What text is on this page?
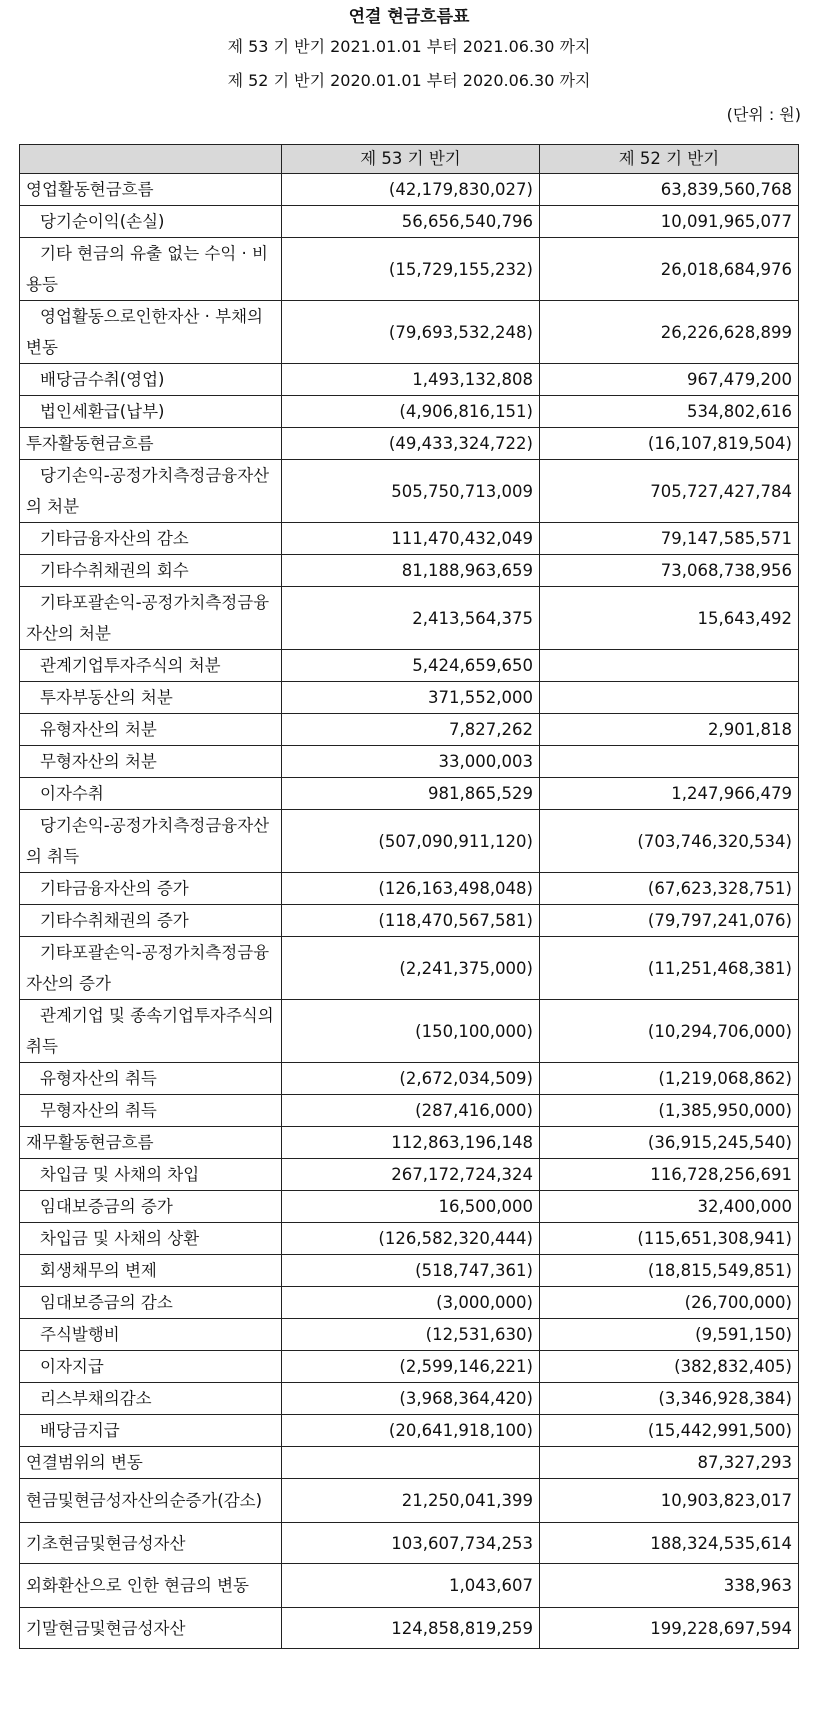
연결 현금흐름표
제 53 기 반기 2021.01.01 부터 2021.06.30 까지
제 52 기 반기 2020.01.01 부터 2020.06.30 까지
(단위 : 원)
	제 53 기 반기	제 52 기 반기
영업활동현금흐름	(42,179,830,027)	63,839,560,768
당기순이익(손실)	56,656,540,796	10,091,965,077
기타 현금의 유출 없는 수익 · 비용등	(15,729,155,232)	26,018,684,976
영업활동으로인한자산 · 부채의변동	(79,693,532,248)	26,226,628,899
배당금수취(영업)	1,493,132,808	967,479,200
법인세환급(납부)	(4,906,816,151)	534,802,616
투자활동현금흐름	(49,433,324,722)	(16,107,819,504)
당기손익-공정가치측정금융자산의 처분	505,750,713,009	705,727,427,784
기타금융자산의 감소	111,470,432,049	79,147,585,571
기타수취채권의 회수	81,188,963,659	73,068,738,956
기타포괄손익-공정가치측정금융자산의 처분	2,413,564,375	15,643,492
관계기업투자주식의 처분	5,424,659,650	
투자부동산의 처분	371,552,000	
유형자산의 처분	7,827,262	2,901,818
무형자산의 처분	33,000,003	
이자수취	981,865,529	1,247,966,479
당기손익-공정가치측정금융자산의 취득	(507,090,911,120)	(703,746,320,534)
기타금융자산의 증가	(126,163,498,048)	(67,623,328,751)
기타수취채권의 증가	(118,470,567,581)	(79,797,241,076)
기타포괄손익-공정가치측정금융자산의 증가	(2,241,375,000)	(11,251,468,381)
관계기업 및 종속기업투자주식의 취득	(150,100,000)	(10,294,706,000)
유형자산의 취득	(2,672,034,509)	(1,219,068,862)
무형자산의 취득	(287,416,000)	(1,385,950,000)
재무활동현금흐름	112,863,196,148	(36,915,245,540)
차입금 및 사채의 차입	267,172,724,324	116,728,256,691
임대보증금의 증가	16,500,000	32,400,000
차입금 및 사채의 상환	(126,582,320,444)	(115,651,308,941)
회생채무의 변제	(518,747,361)	(18,815,549,851)
임대보증금의 감소	(3,000,000)	(26,700,000)
주식발행비	(12,531,630)	(9,591,150)
이자지급	(2,599,146,221)	(382,832,405)
리스부채의감소	(3,968,364,420)	(3,346,928,384)
배당금지급	(20,641,918,100)	(15,442,991,500)
연결범위의 변동		87,327,293
현금및현금성자산의순증가(감소)	21,250,041,399	10,903,823,017
기초현금및현금성자산	103,607,734,253	188,324,535,614
외화환산으로 인한 현금의 변동	1,043,607	338,963
기말현금및현금성자산	124,858,819,259	199,228,697,594
